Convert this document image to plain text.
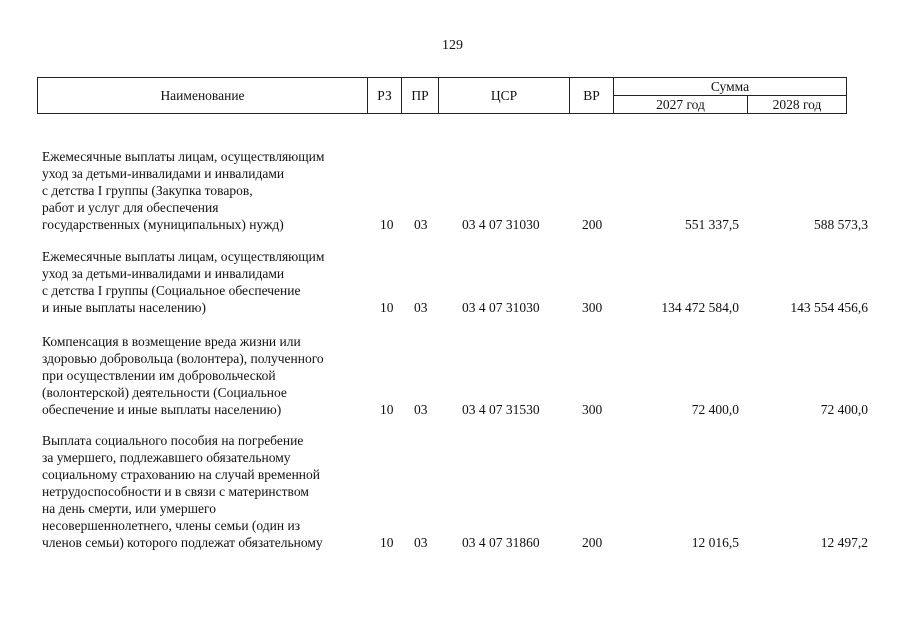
129
Наименование	РЗ	ПР	ЦСР	ВР
Сумма
2027 год	2028 год
Ежемесячные выплаты лицам, осуществляющим
уход за детьми-инвалидами и инвалидами
с детства I группы (Закупка товаров,
работ и услуг для обеспечения
государственных (муниципальных) нужд)	10 03	03 4 07 31030	200	551 337,5	588 573,3
Ежемесячные выплаты лицам, осуществляющим
уход за детьми-инвалидами и инвалидами
с детства I группы (Социальное обеспечение
и иные выплаты населению)	10 03	03 4 07 31030	300	134 472 584,0	143 554 456,6
Компенсация в возмещение вреда жизни или
здоровью добровольца (волонтера), полученного
при осуществлении им добровольческой
(волонтерской) деятельности (Социальное
обеспечение и иные выплаты населению)	10 03	03 4 07 31530	300	72 400,0	72 400,0
Выплата социального пособия на погребение
за умершего, подлежавшего обязательному
социальному страхованию на случай временной
нетрудоспособности и в связи с материнством
на день смерти, или умершего
несовершеннолетнего, члены семьи (один из
членов семьи) которого подлежат обязательному	10 03	03 4 07 31860	200	12 016,5	12 497,2
